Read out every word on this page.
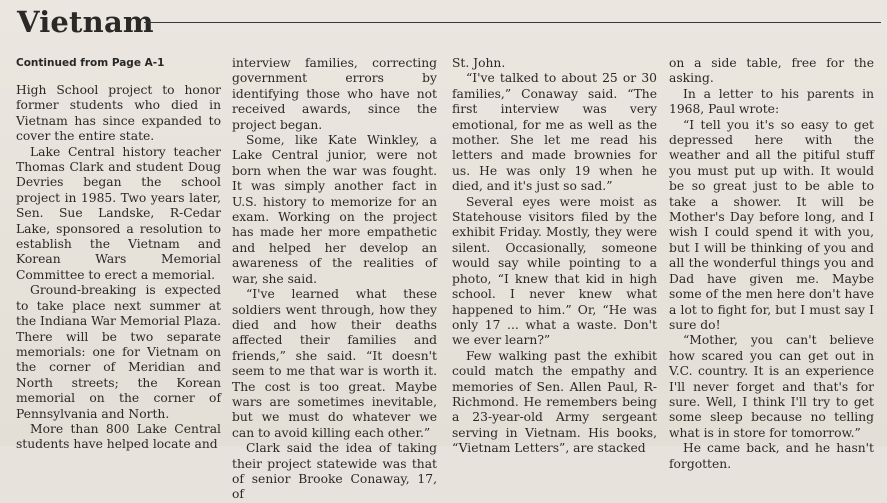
Vietnam
Continued from Page A-1

High School project to honor former students who died in Vietnam has since expanded to cover the entire state.

Lake Central history teacher Thomas Clark and student Doug Devries began the school project in 1985. Two years later, Sen. Sue Landske, R-Cedar Lake, sponsored a resolution to establish the Vietnam and Korean Wars Memorial Committee to erect a memorial.

Ground-breaking is expected to take place next summer at the Indiana War Memorial Plaza. There will be two separate memorials: one for Vietnam on the corner of Meridian and North streets; the Korean memorial on the corner of Pennsylvania and North.

More than 800 Lake Central students have helped locate and

interview families, correcting government errors by identifying those who have not received awards, since the project began.

Some, like Kate Winkley, a Lake Central junior, were not born when the war was fought. It was simply another fact in U.S. history to memorize for an exam. Working on the project has made her more empathetic and helped her develop an awareness of the realities of war, she said.

“I've learned what these soldiers went through, how they died and how their deaths affected their families and friends,” she said. “It doesn't seem to me that war is worth it. The cost is too great. Maybe wars are sometimes inevitable, but we must do whatever we can to avoid killing each other.”

Clark said the idea of taking their project statewide was that of senior Brooke Conaway, 17, of

St. John.

“I've talked to about 25 or 30 families,” Conaway said. “The first interview was very emotional, for me as well as the mother. She let me read his letters and made brownies for us. He was only 19 when he died, and it's just so sad.”

Several eyes were moist as Statehouse visitors filed by the exhibit Friday. Mostly, they were silent. Occasionally, someone would say while pointing to a photo, “I knew that kid in high school. I never knew what happened to him.” Or, “He was only 17 ... what a waste. Don't we ever learn?”

Few walking past the exhibit could match the empathy and memories of Sen. Allen Paul, R-Richmond. He remembers being a 23-year-old Army sergeant serving in Vietnam. His books, “Vietnam Letters”, are stacked

on a side table, free for the asking.

In a letter to his parents in 1968, Paul wrote:

“I tell you it's so easy to get depressed here with the weather and all the pitiful stuff you must put up with. It would be so great just to be able to take a shower. It will be Mother's Day before long, and I wish I could spend it with you, but I will be thinking of you and all the wonderful things you and Dad have given me. Maybe some of the men here don't have a lot to fight for, but I must say I sure do!

“Mother, you can't believe how scared you can get out in V.C. country. It is an experience I'll never forget and that's for sure. Well, I think I'll try to get some sleep because no telling what is in store for tomorrow.”

He came back, and he hasn't forgotten.
